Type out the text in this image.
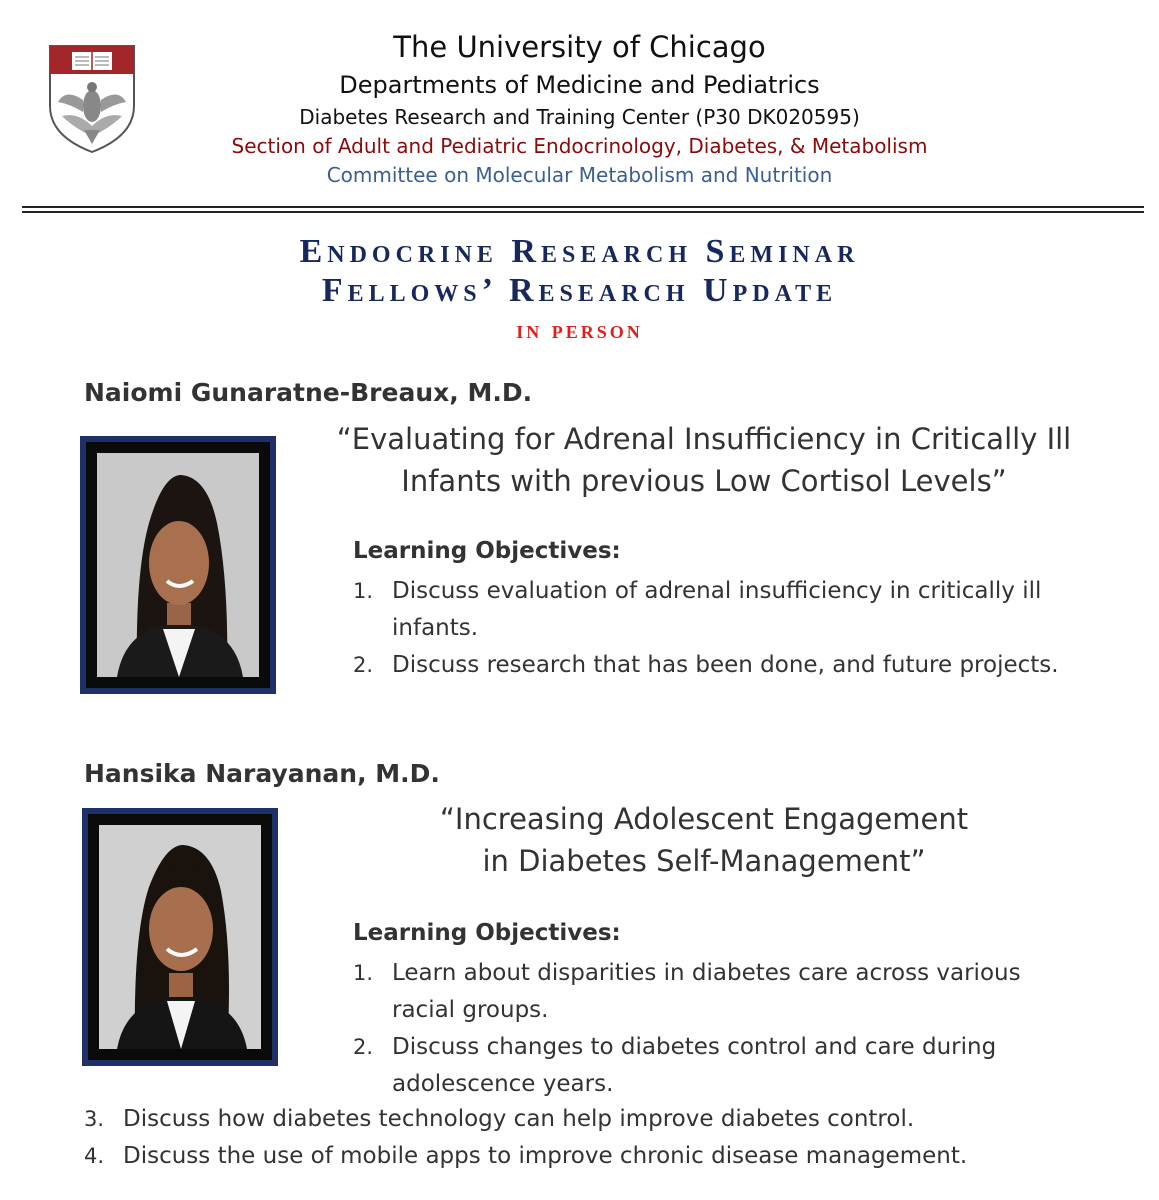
The University of Chicago
Departments of Medicine and Pediatrics
Diabetes Research and Training Center (P30 DK020595)
Section of Adult and Pediatric Endocrinology, Diabetes, & Metabolism
Committee on Molecular Metabolism and Nutrition
Endocrine Research Seminar
Fellows’ Research Update
in person
Naiomi Gunaratne-Breaux, M.D.
“Evaluating for Adrenal Insufficiency in Critically Ill
Infants with previous Low Cortisol Levels”
Learning Objectives:
1. Discuss evaluation of adrenal insufficiency in critically ill infants.
2. Discuss research that has been done, and future projects.
Hansika Narayanan, M.D.
“Increasing Adolescent Engagement
in Diabetes Self-Management”
Learning Objectives:
1. Learn about disparities in diabetes care across various racial groups.
2. Discuss changes to diabetes control and care during adolescence years.
3. Discuss how diabetes technology can help improve diabetes control.
4. Discuss the use of mobile apps to improve chronic disease management.
